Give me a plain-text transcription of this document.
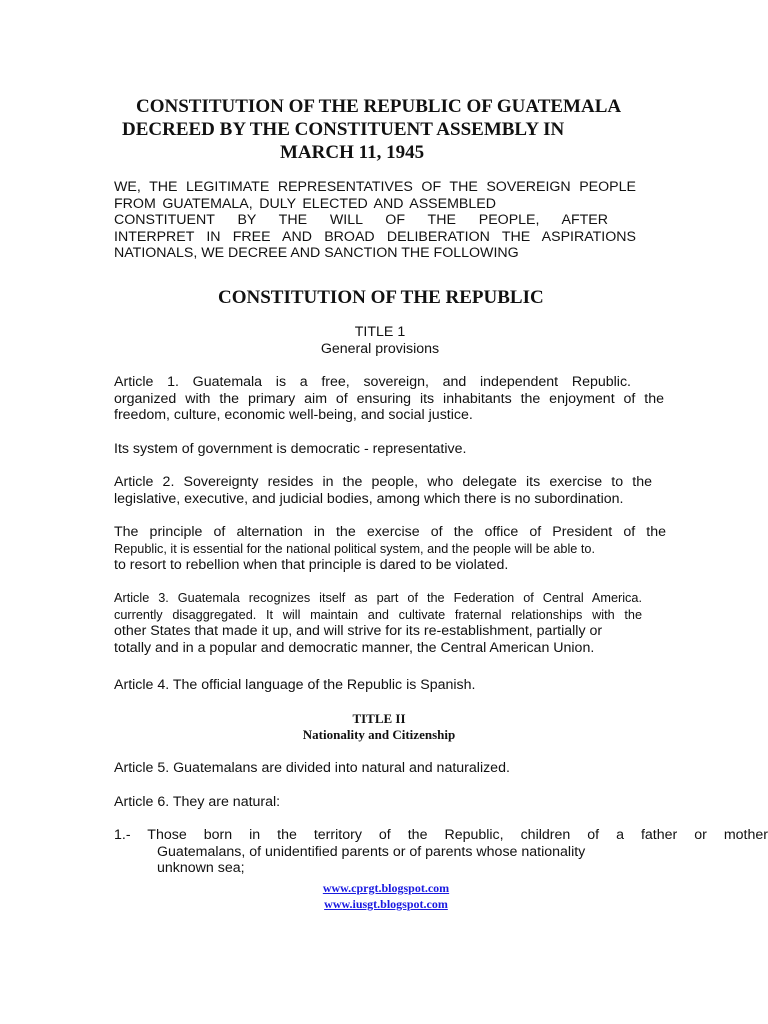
CONSTITUTION OF THE REPUBLIC OF GUATEMALA
DECREED BY THE CONSTITUENT ASSEMBLY IN
MARCH 11, 1945
WE, THE LEGITIMATE REPRESENTATIVES OF THE SOVEREIGN PEOPLE
FROM GUATEMALA, DULY ELECTED AND ASSEMBLED
CONSTITUENT BY THE WILL OF THE PEOPLE, AFTER
INTERPRET IN FREE AND BROAD DELIBERATION THE ASPIRATIONS
NATIONALS, WE DECREE AND SANCTION THE FOLLOWING
CONSTITUTION OF THE REPUBLIC
TITLE 1
General provisions
Article 1. Guatemala is a free, sovereign, and independent Republic.
organized with the primary aim of ensuring its inhabitants the enjoyment of the
freedom, culture, economic well-being, and social justice.
Its system of government is democratic - representative.
Article 2. Sovereignty resides in the people, who delegate its exercise to the
legislative, executive, and judicial bodies, among which there is no subordination.
The principle of alternation in the exercise of the office of President of the
Republic, it is essential for the national political system, and the people will be able to.
to resort to rebellion when that principle is dared to be violated.
Article 3. Guatemala recognizes itself as part of the Federation of Central America.
currently disaggregated. It will maintain and cultivate fraternal relationships with the
other States that made it up, and will strive for its re-establishment, partially or
totally and in a popular and democratic manner, the Central American Union.
Article 4. The official language of the Republic is Spanish.
TITLE II
Nationality and Citizenship
Article 5. Guatemalans are divided into natural and naturalized.
Article 6. They are natural:
1.- Those born in the territory of the Republic, children of a father or mother
Guatemalans, of unidentified parents or of parents whose nationality
unknown sea;
www.cprgt.blogspot.com
www.iusgt.blogspot.com
